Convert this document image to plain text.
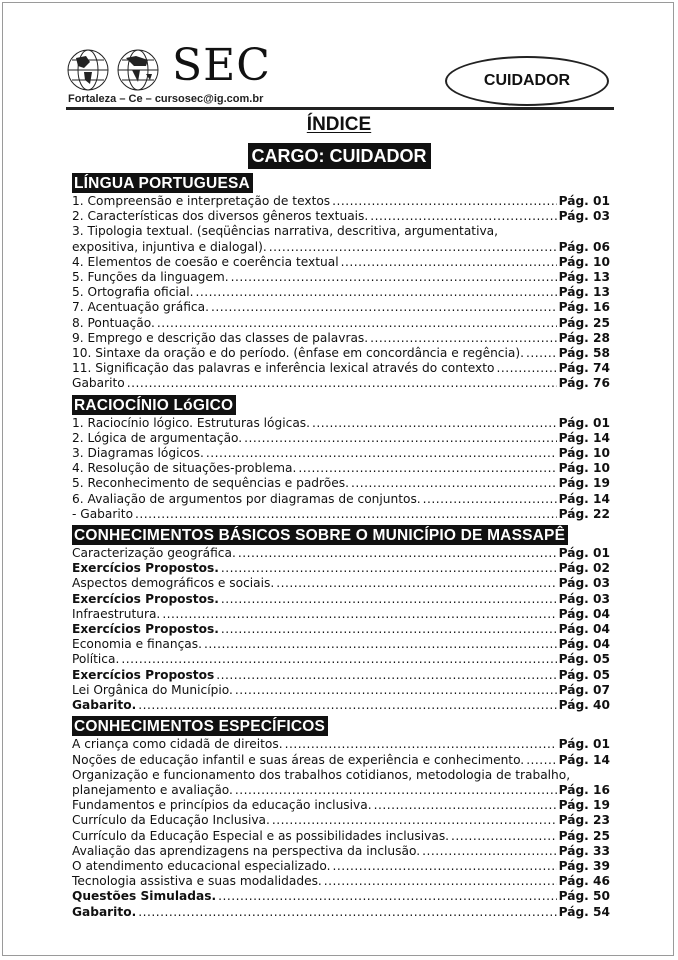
SEC
Fortaleza – Ce – cursosec@ig.com.br
CUIDADOR
ÍNDICE
CARGO: CUIDADOR
LÍNGUA PORTUGUESA
1. Compreensão e interpretação de textos .....	Pág. 01
2. Características dos diversos gêneros textuais. .....	Pág. 03
3. Tipologia textual. (seqüências narrativa, descritiva, argumentativa,
expositiva, injuntiva e dialogal). .....	Pág. 06
4. Elementos de coesão e coerência textual .....	Pág. 10
5. Funções da linguagem. .....	Pág. 13
5. Ortografia oficial. .....	Pág. 13
7. Acentuação gráfica. .....	Pág. 16
8. Pontuação. .....	Pág. 25
9. Emprego e descrição das classes de palavras. .....	Pág. 28
10. Sintaxe da oração e do período. (ênfase em concordância e regência). .....	Pág. 58
11. Significação das palavras e inferência lexical através do contexto .....	Pág. 74
Gabarito .....	Pág. 76
RACIOCÍNIO LóGICO
1. Raciocínio lógico. Estruturas lógicas. .....	Pág. 01
2. Lógica de argumentação. .....	Pág. 14
3. Diagramas lógicos. .....	Pág. 10
4. Resolução de situações-problema. .....	Pág. 10
5. Reconhecimento de sequências e padrões. .....	Pág. 19
6. Avaliação de argumentos por diagramas de conjuntos. .....	Pág. 14
- Gabarito .....	Pág. 22
CONHECIMENTOS BÁSICOS SOBRE O MUNICÍPIO DE MASSAPÊ
Caracterização geográfica. .....	Pág. 01
Exercícios Propostos. .....	Pág. 02
Aspectos demográficos e sociais. .....	Pág. 03
Exercícios Propostos. .....	Pág. 03
Infraestrutura. .....	Pág. 04
Exercícios Propostos. .....	Pág. 04
Economia e finanças. .....	Pág. 04
Política. .....	Pág. 05
Exercícios Propostos .....	Pág. 05
Lei Orgânica do Município. .....	Pág. 07
Gabarito. .....	Pág. 40
CONHECIMENTOS ESPECÍFICOS
A criança como cidadã de direitos. .....	Pág. 01
Noções de educação infantil e suas áreas de experiência e conhecimento. .....	Pág. 14
Organização e funcionamento dos trabalhos cotidianos, metodologia de trabalho,
planejamento e avaliação. .....	Pág. 16
Fundamentos e princípios da educação inclusiva. .....	Pág. 19
Currículo da Educação Inclusiva. .....	Pág. 23
Currículo da Educação Especial e as possibilidades inclusivas. .....	Pág. 25
Avaliação das aprendizagens na perspectiva da inclusão. .....	Pág. 33
O atendimento educacional especializado. .....	Pág. 39
Tecnologia assistiva e suas modalidades. .....	Pág. 46
Questões Simuladas. .....	Pág. 50
Gabarito. .....	Pág. 54
